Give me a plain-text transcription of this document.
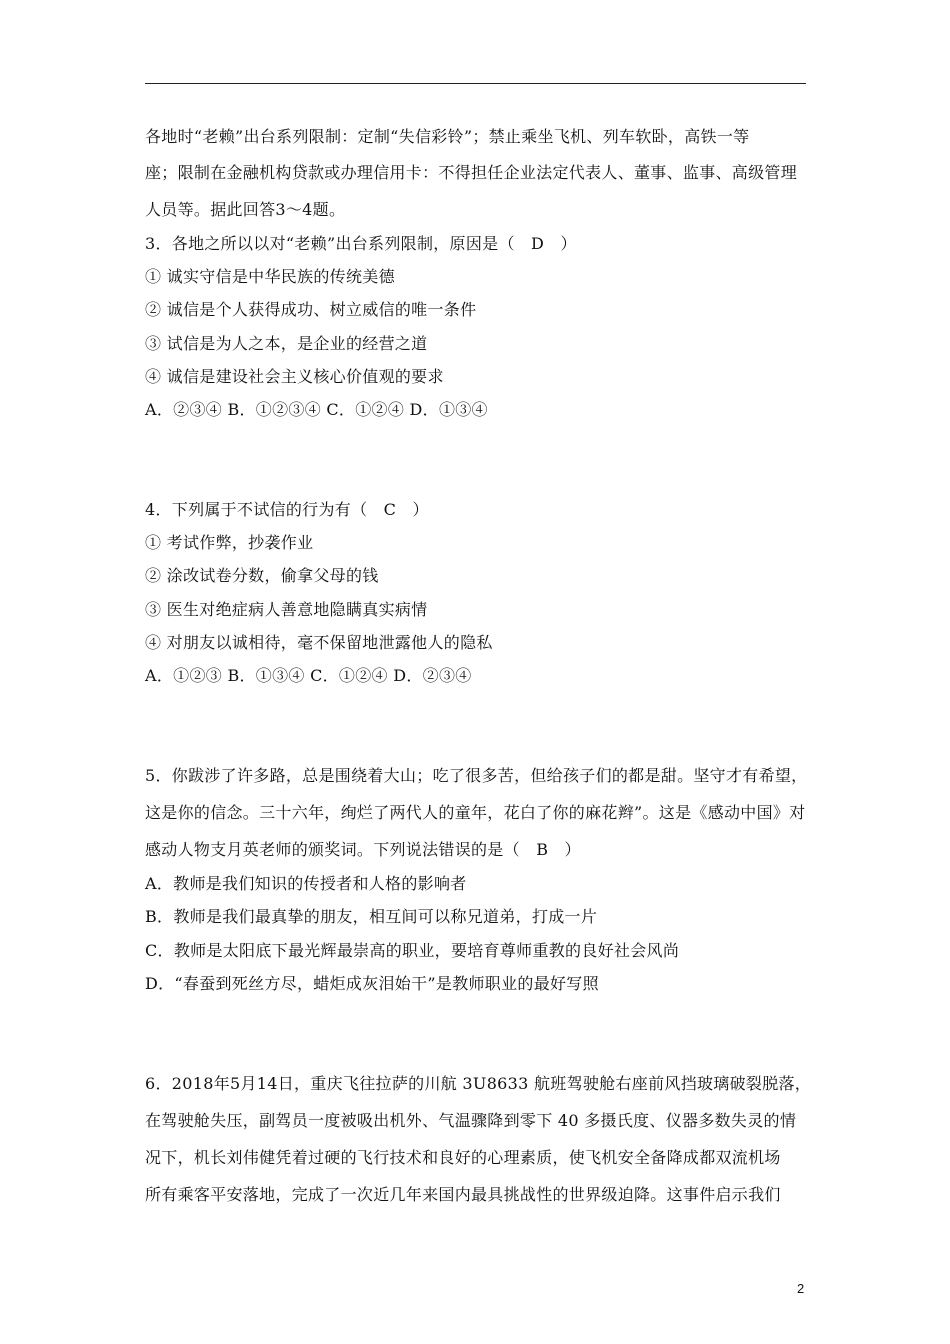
各地时“老赖”出台系列限制：定制“失信彩铃”；禁止乘坐飞机、列车软卧，高铁一等
座；限制在金融机构贷款或办理信用卡：不得担任企业法定代表人、董事、监事、高级管理
人员等。据此回答3～4题。
3．各地之所以以对“老赖”出台系列限制，原因是（　D　）
① 诚实守信是中华民族的传统美德
② 诚信是个人获得成功、树立威信的唯一条件
③ 试信是为人之本，是企业的经营之道
④ 诚信是建设社会主义核心价值观的要求
A．②③④ B．①②③④ C．①②④ D．①③④
4．下列属于不试信的行为有（　C　）
① 考试作弊，抄袭作业
② 涂改试卷分数，偷拿父母的钱
③ 医生对绝症病人善意地隐瞒真实病情
④ 对朋友以诚相待，毫不保留地泄露他人的隐私
A．①②③ B．①③④ C．①②④ D．②③④
5．你跋涉了许多路，总是围绕着大山；吃了很多苦，但给孩子们的都是甜。坚守才有希望，
这是你的信念。三十六年，绚烂了两代人的童年，花白了你的麻花辫”。这是《感动中国》对
感动人物支月英老师的颁奖词。下列说法错误的是（　B　）
A．教师是我们知识的传授者和人格的影响者
B．教师是我们最真挚的朋友，相互间可以称兄道弟，打成一片
C．教师是太阳底下最光辉最崇高的职业，要培育尊师重教的良好社会风尚
D．“春蚕到死丝方尽，蜡炬成灰泪始干”是教师职业的最好写照
6．2018年5月14日，重庆飞往拉萨的川航 3U8633 航班驾驶舱右座前风挡玻璃破裂脱落，
在驾驶舱失压，副驾员一度被吸出机外、气温骤降到零下 40 多摄氏度、仪器多数失灵的情
况下，机长刘伟健凭着过硬的飞行技术和良好的心理素质，使飞机安全备降成都双流机场
所有乘客平安落地，完成了一次近几年来国内最具挑战性的世界级迫降。这事件启示我们
2
